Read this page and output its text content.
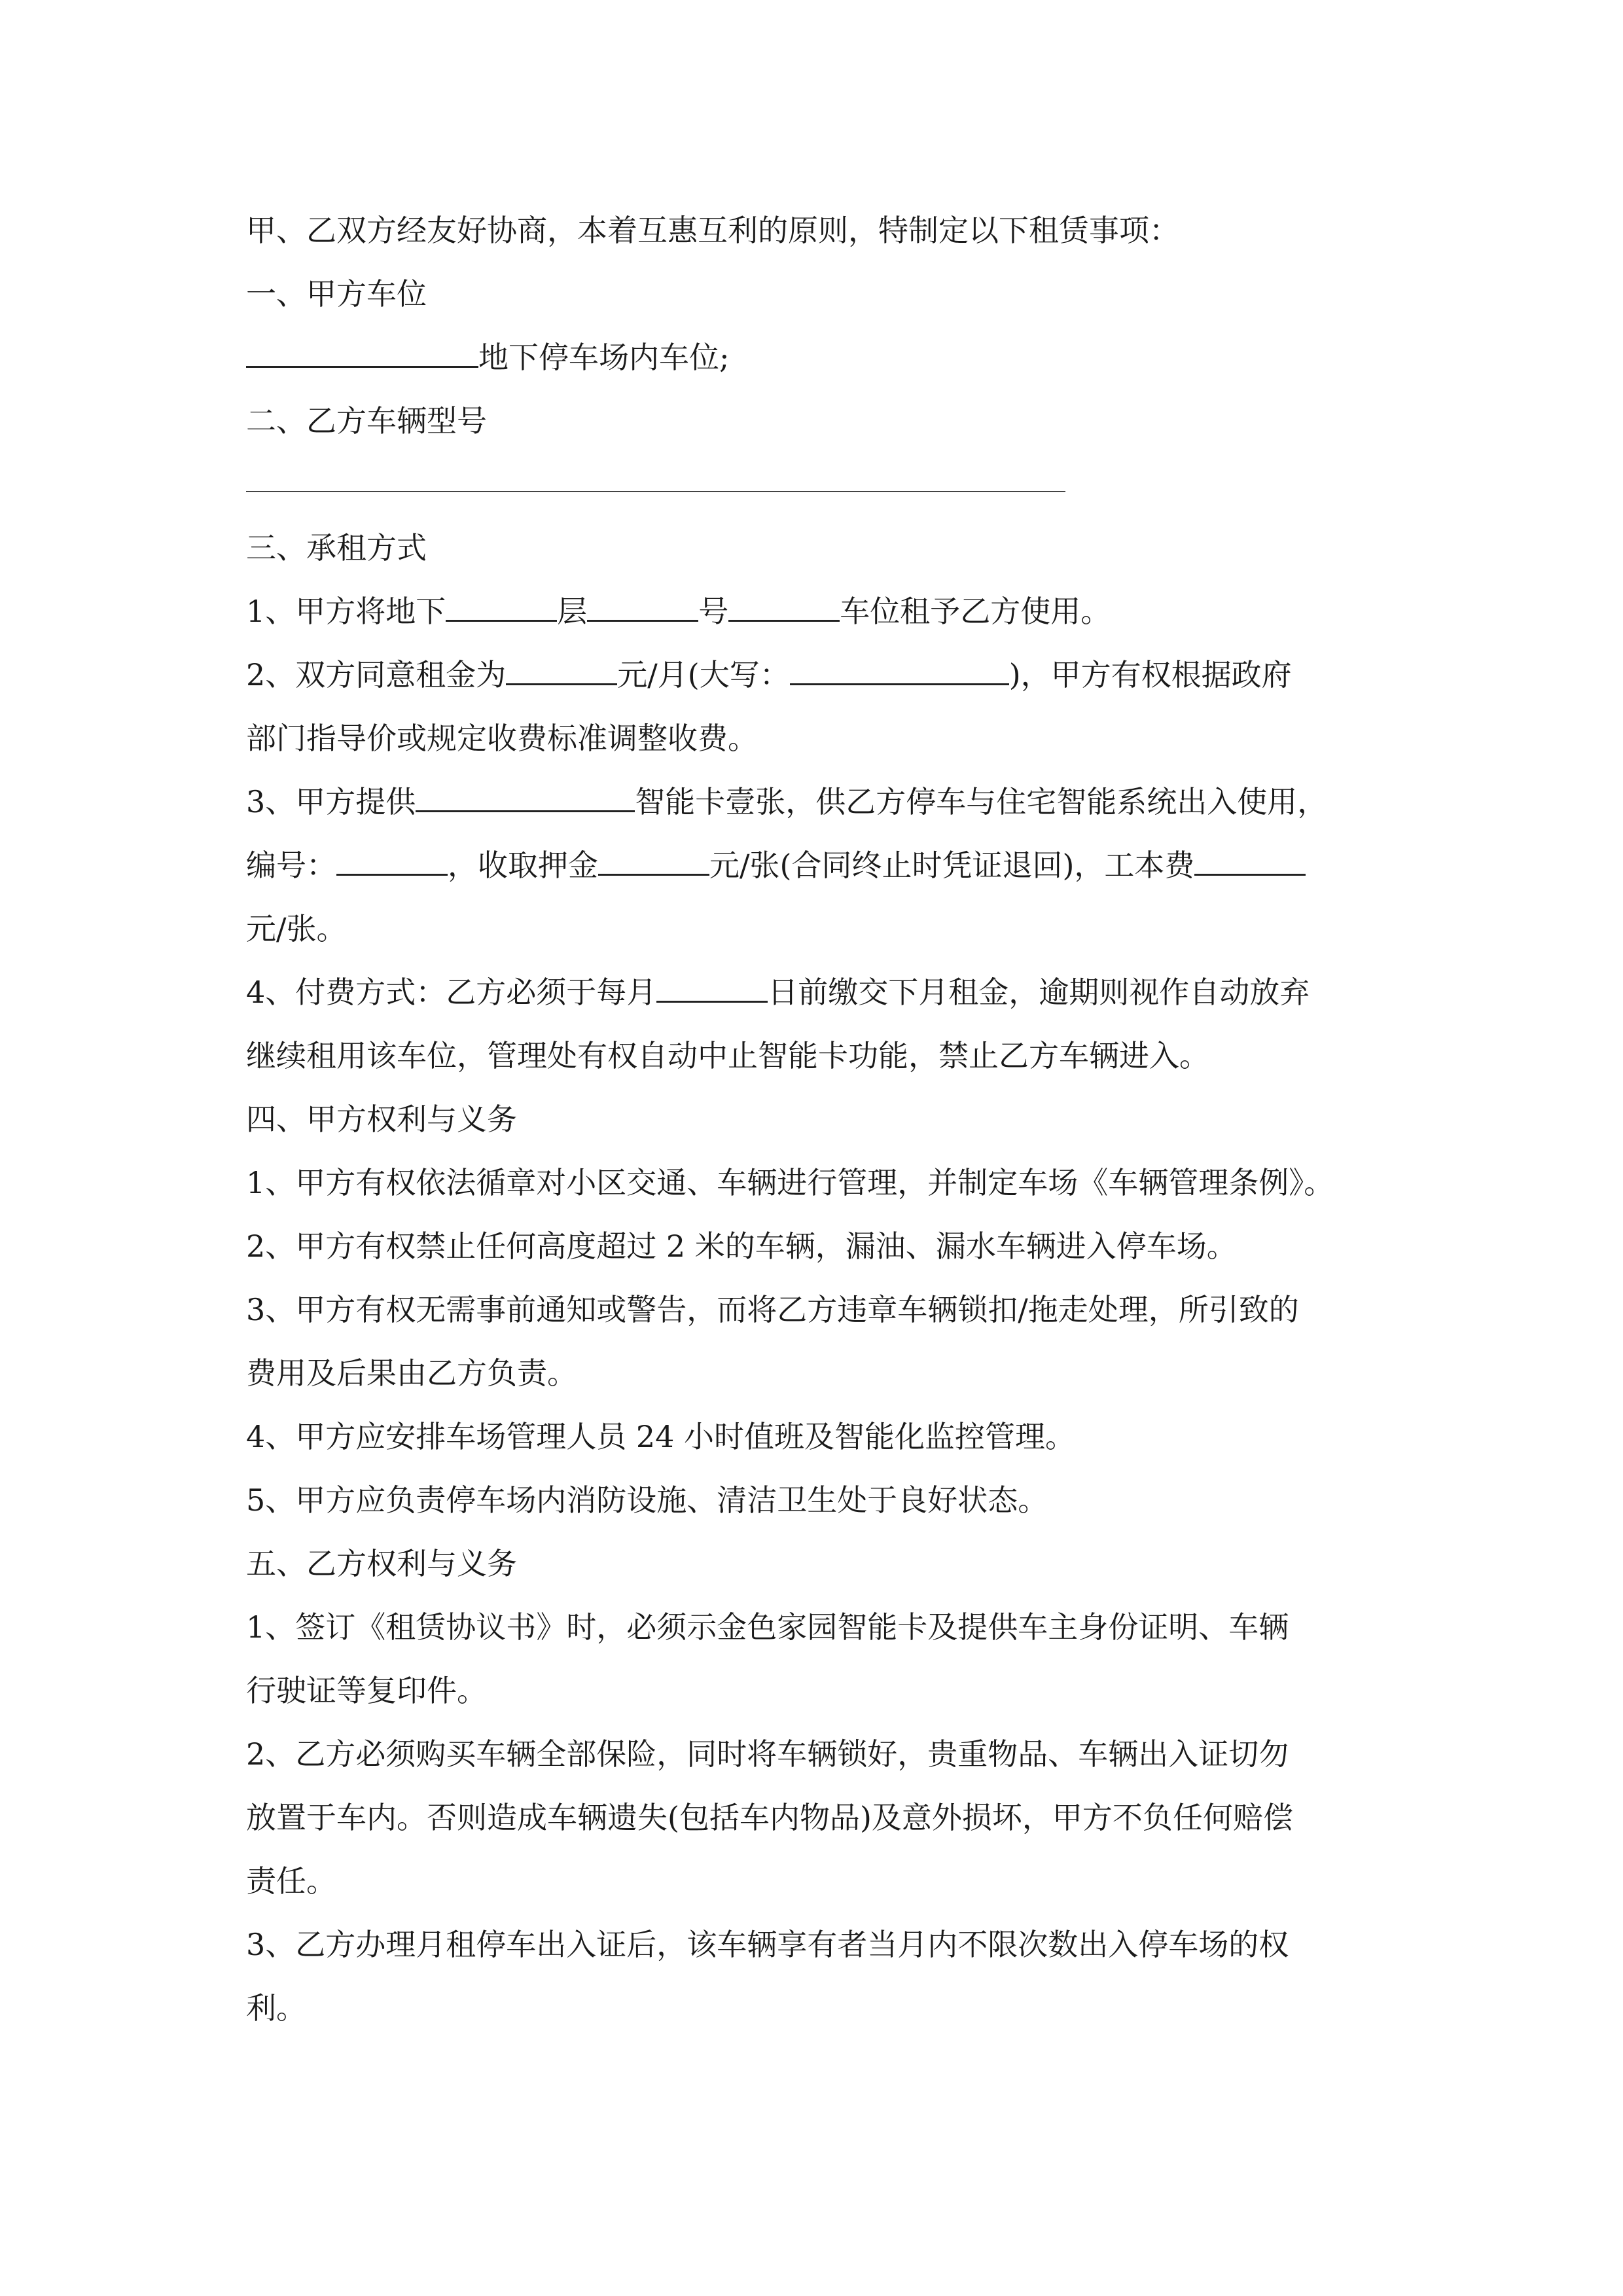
甲、乙双方经友好协商，本着互惠互利的原则，特制定以下租赁事项：
一、甲方车位
地下停车场内车位;
二、乙方车辆型号
三、承租方式
1、甲方将地下	层	号	车位租予乙方使用。
2、双方同意租金为	元/月(大写：	)，甲方有权根据政府
部门指导价或规定收费标准调整收费。
3、甲方提供	智能卡壹张，供乙方停车与住宅智能系统出入使用，
编号：	，收取押金	元/张(合同终止时凭证退回)，工本费
元/张。
4、付费方式：乙方必须于每月	日前缴交下月租金，逾期则视作自动放弃
继续租用该车位，管理处有权自动中止智能卡功能，禁止乙方车辆进入。
四、甲方权利与义务
1、甲方有权依法循章对小区交通、车辆进行管理，并制定车场《车辆管理条例》。
2、甲方有权禁止任何高度超过 2 米的车辆，漏油、漏水车辆进入停车场。
3、甲方有权无需事前通知或警告，而将乙方违章车辆锁扣/拖走处理，所引致的
费用及后果由乙方负责。
4、甲方应安排车场管理人员 24 小时值班及智能化监控管理。
5、甲方应负责停车场内消防设施、清洁卫生处于良好状态。
五、乙方权利与义务
1、签订《租赁协议书》时，必须示金色家园智能卡及提供车主身份证明、车辆
行驶证等复印件。
2、乙方必须购买车辆全部保险，同时将车辆锁好，贵重物品、车辆出入证切勿
放置于车内。否则造成车辆遗失(包括车内物品)及意外损坏，甲方不负任何赔偿
责任。
3、乙方办理月租停车出入证后，该车辆享有者当月内不限次数出入停车场的权
利。
